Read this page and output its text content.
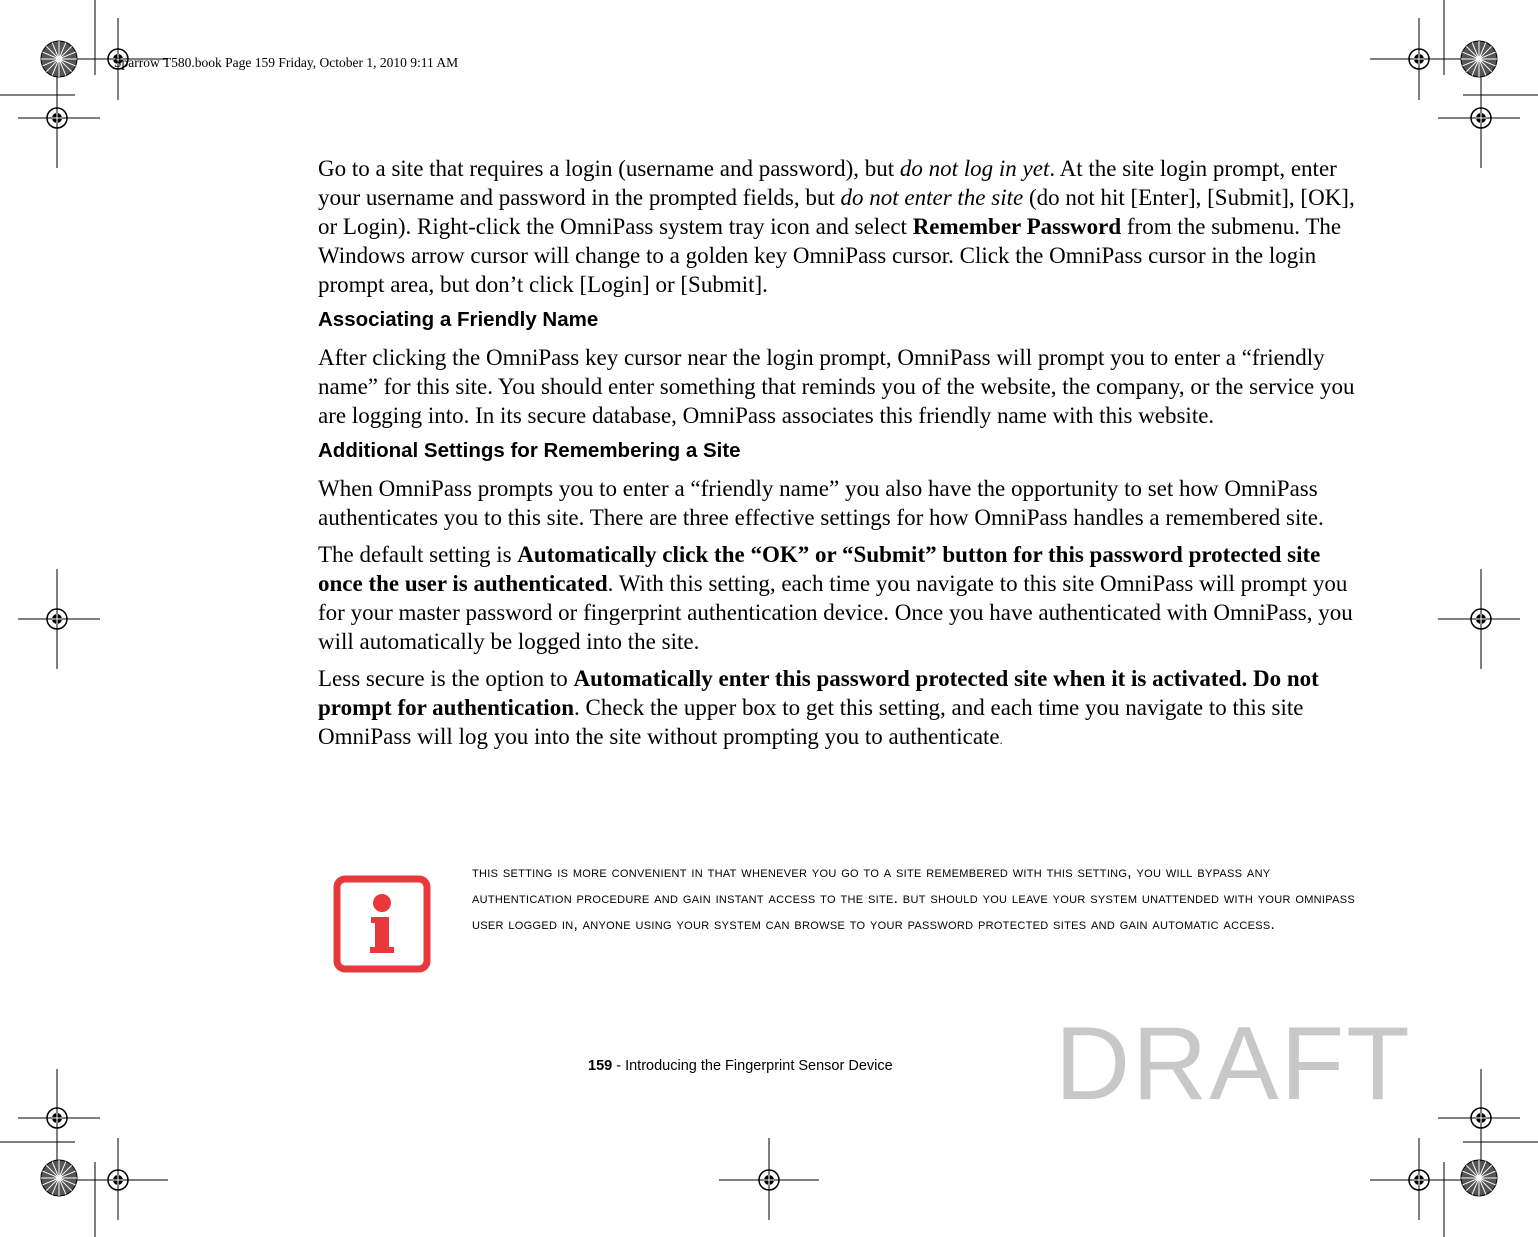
Sparrow T580.book Page 159 Friday, October 1, 2010 9:11 AM

Go to a site that requires a login (username and password), but do not log in yet. At the site login prompt, enter your username and password in the prompted fields, but do not enter the site (do not hit [Enter], [Submit], [OK], or Login). Right-click the OmniPass system tray icon and select Remember Password from the submenu. The Windows arrow cursor will change to a golden key OmniPass cursor. Click the OmniPass cursor in the login prompt area, but don’t click [Login] or [Submit].

Associating a Friendly Name

After clicking the OmniPass key cursor near the login prompt, OmniPass will prompt you to enter a “friendly name” for this site. You should enter something that reminds you of the website, the company, or the service you are logging into. In its secure database, OmniPass associates this friendly name with this website.

Additional Settings for Remembering a Site

When OmniPass prompts you to enter a “friendly name” you also have the opportunity to set how OmniPass authenticates you to this site. There are three effective settings for how OmniPass handles a remembered site.

The default setting is Automatically click the “OK” or “Submit” button for this password protected site once the user is authenticated. With this setting, each time you navigate to this site OmniPass will prompt you for your master password or fingerprint authentication device. Once you have authenticated with OmniPass, you will automatically be logged into the site.

Less secure is the option to Automatically enter this password protected site when it is activated. Do not prompt for authentication. Check the upper box to get this setting, and each time you navigate to this site OmniPass will log you into the site without prompting you to authenticate.

this setting is more convenient in that whenever you go to a site remembered with this setting, you will bypass any authentication procedure and gain instant access to the site. but should you leave your system unattended with your omnipass user logged in, anyone using your system can browse to your password protected sites and gain automatic access.
159 - Introducing the Fingerprint Sensor Device DRAFT
